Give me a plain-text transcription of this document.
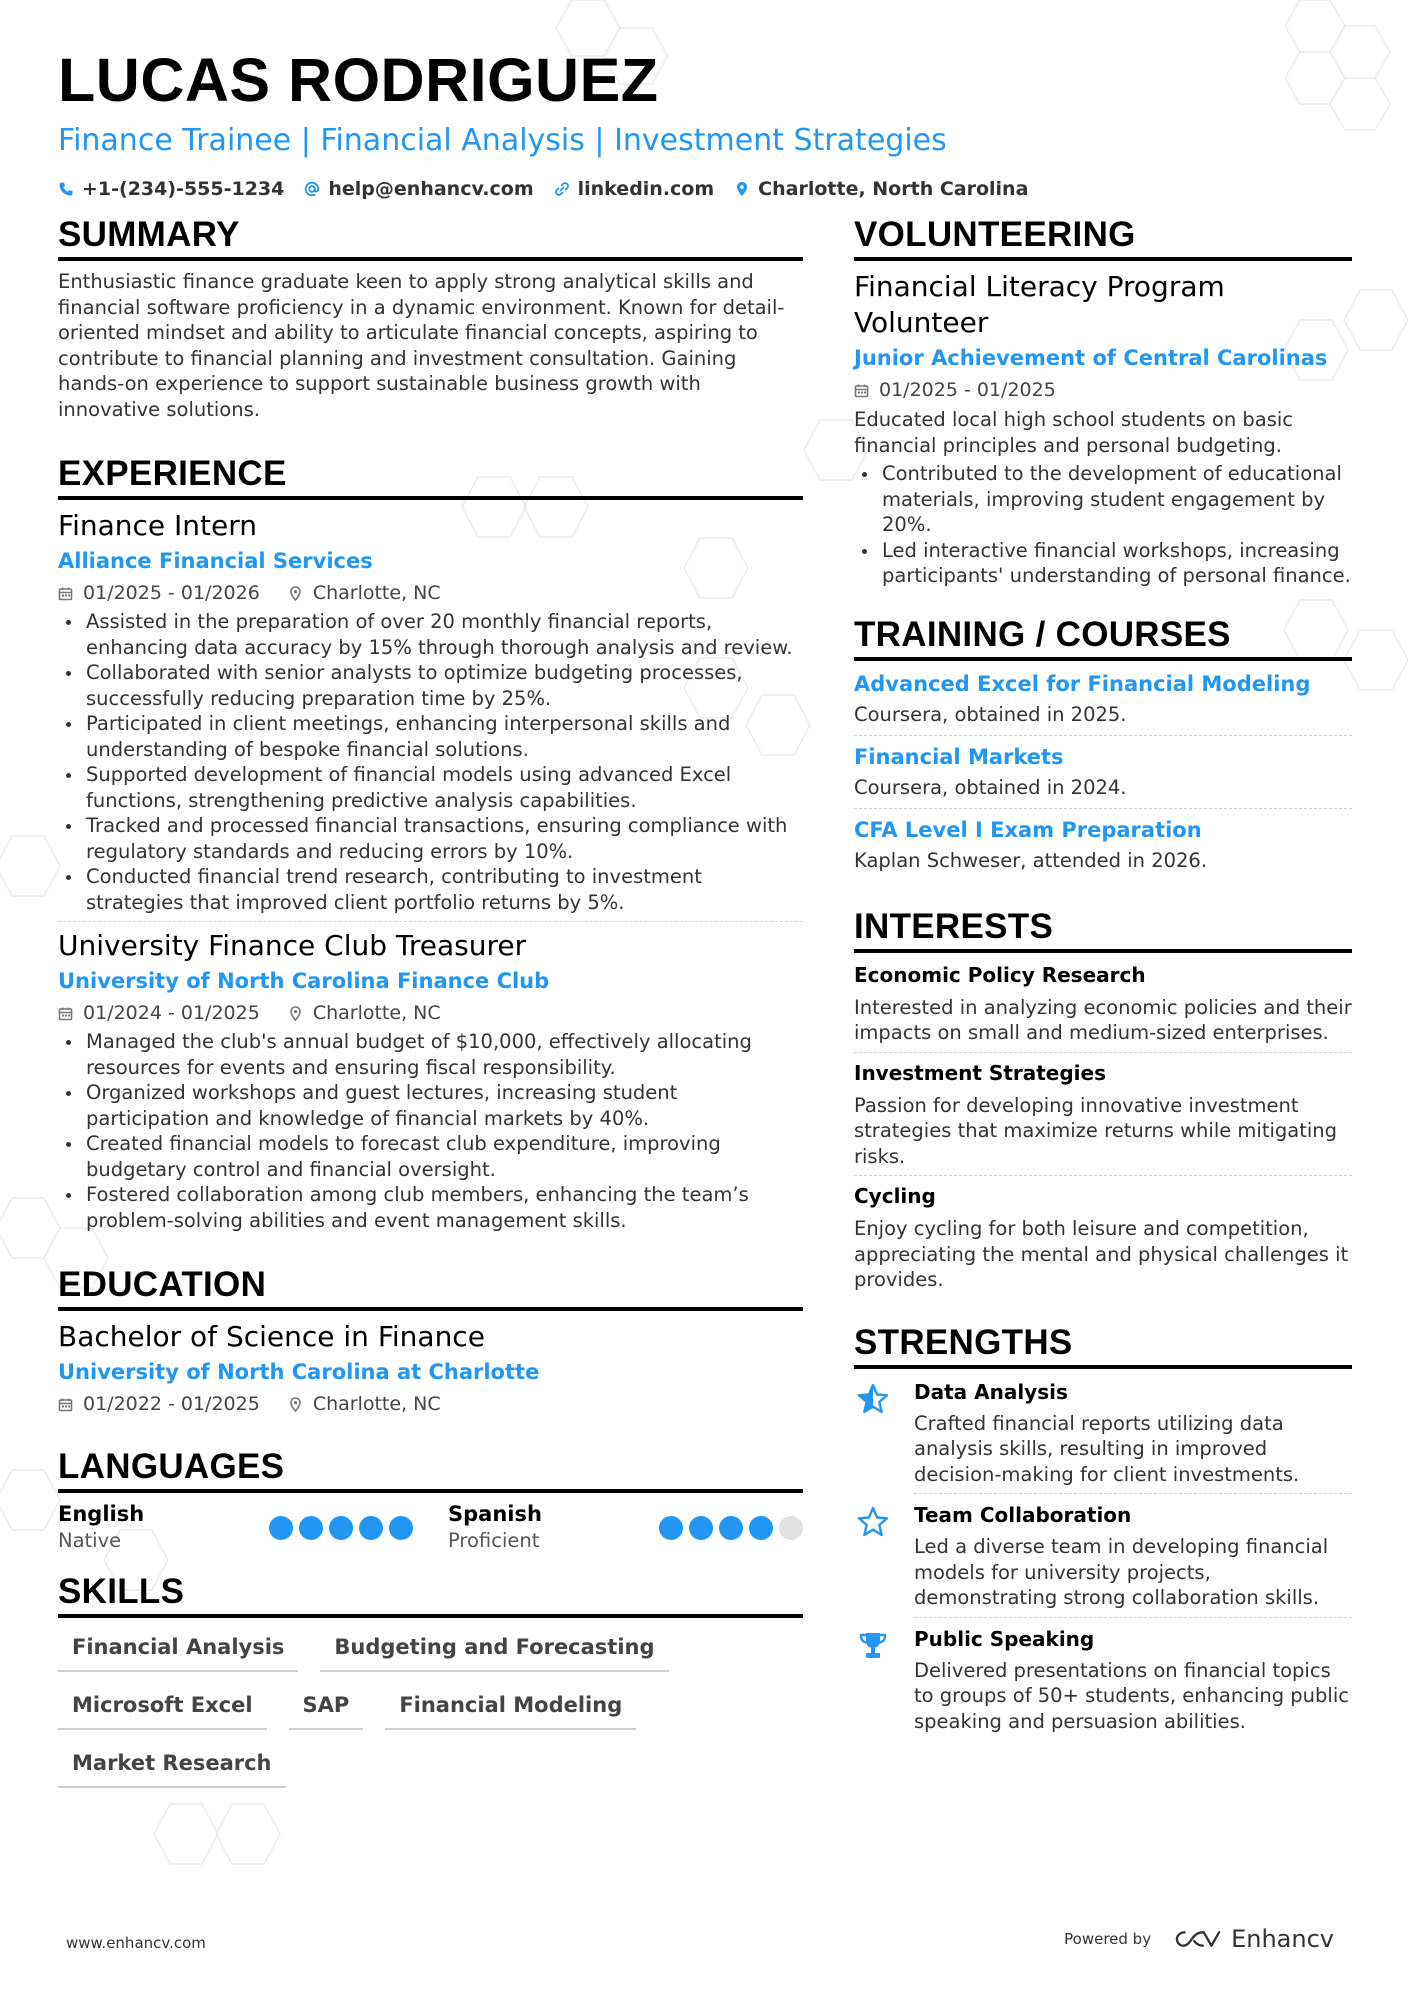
LUCAS RODRIGUEZ
Finance Trainee | Financial Analysis | Investment Strategies
+1-(234)-555-1234 help@enhancv.com linkedin.com Charlotte, North Carolina
SUMMARY

Enthusiastic finance graduate keen to apply strong analytical skills and financial software proficiency in a dynamic environment. Known for detail-oriented mindset and ability to articulate financial concepts, aspiring to contribute to financial planning and investment consultation. Gaining hands-on experience to support sustainable business growth with innovative solutions.

EXPERIENCE
Finance Intern
Alliance Financial Services
01/2025 - 01/2026	Charlotte, NC
Assisted in the preparation of over 20 monthly financial reports, enhancing data accuracy by 15% through thorough analysis and review.
Collaborated with senior analysts to optimize budgeting processes, successfully reducing preparation time by 25%.
Participated in client meetings, enhancing interpersonal skills and understanding of bespoke financial solutions.
Supported development of financial models using advanced Excel functions, strengthening predictive analysis capabilities.
Tracked and processed financial transactions, ensuring compliance with regulatory standards and reducing errors by 10%.
Conducted financial trend research, contributing to investment strategies that improved client portfolio returns by 5%.
University Finance Club Treasurer
University of North Carolina Finance Club
01/2024 - 01/2025	Charlotte, NC
Managed the club's annual budget of $10,000, effectively allocating resources for events and ensuring fiscal responsibility.
Organized workshops and guest lectures, increasing student participation and knowledge of financial markets by 40%.
Created financial models to forecast club expenditure, improving budgetary control and financial oversight.
Fostered collaboration among club members, enhancing the team’s problem-solving abilities and event management skills.
EDUCATION
Bachelor of Science in Finance
University of North Carolina at Charlotte
01/2022 - 01/2025	Charlotte, NC
LANGUAGES
English
Native
Spanish
Proficient
SKILLS
Financial Analysis	Budgeting and Forecasting
Microsoft Excel	SAP	Financial Modeling
Market Research
VOLUNTEERING
Financial Literacy Program Volunteer
Junior Achievement of Central Carolinas
01/2025 - 01/2025

Educated local high school students on basic financial principles and personal budgeting.

Contributed to the development of educational materials, improving student engagement by 20%.
Led interactive financial workshops, increasing participants' understanding of personal finance.
TRAINING / COURSES
Advanced Excel for Financial Modeling
Coursera, obtained in 2025.
Financial Markets
Coursera, obtained in 2024.
CFA Level I Exam Preparation
Kaplan Schweser, attended in 2026.
INTERESTS
Economic Policy Research

Interested in analyzing economic policies and their impacts on small and medium-sized enterprises.

Investment Strategies

Passion for developing innovative investment strategies that maximize returns while mitigating risks.

Cycling

Enjoy cycling for both leisure and competition, appreciating the mental and physical challenges it provides.

STRENGTHS
Data Analysis

Crafted financial reports utilizing data analysis skills, resulting in improved decision-making for client investments.

Team Collaboration

Led a diverse team in developing financial models for university projects, demonstrating strong collaboration skills.

Public Speaking

Delivered presentations on financial topics to groups of 50+ students, enhancing public speaking and persuasion abilities.

www.enhancv.com	Powered by	Enhancv
